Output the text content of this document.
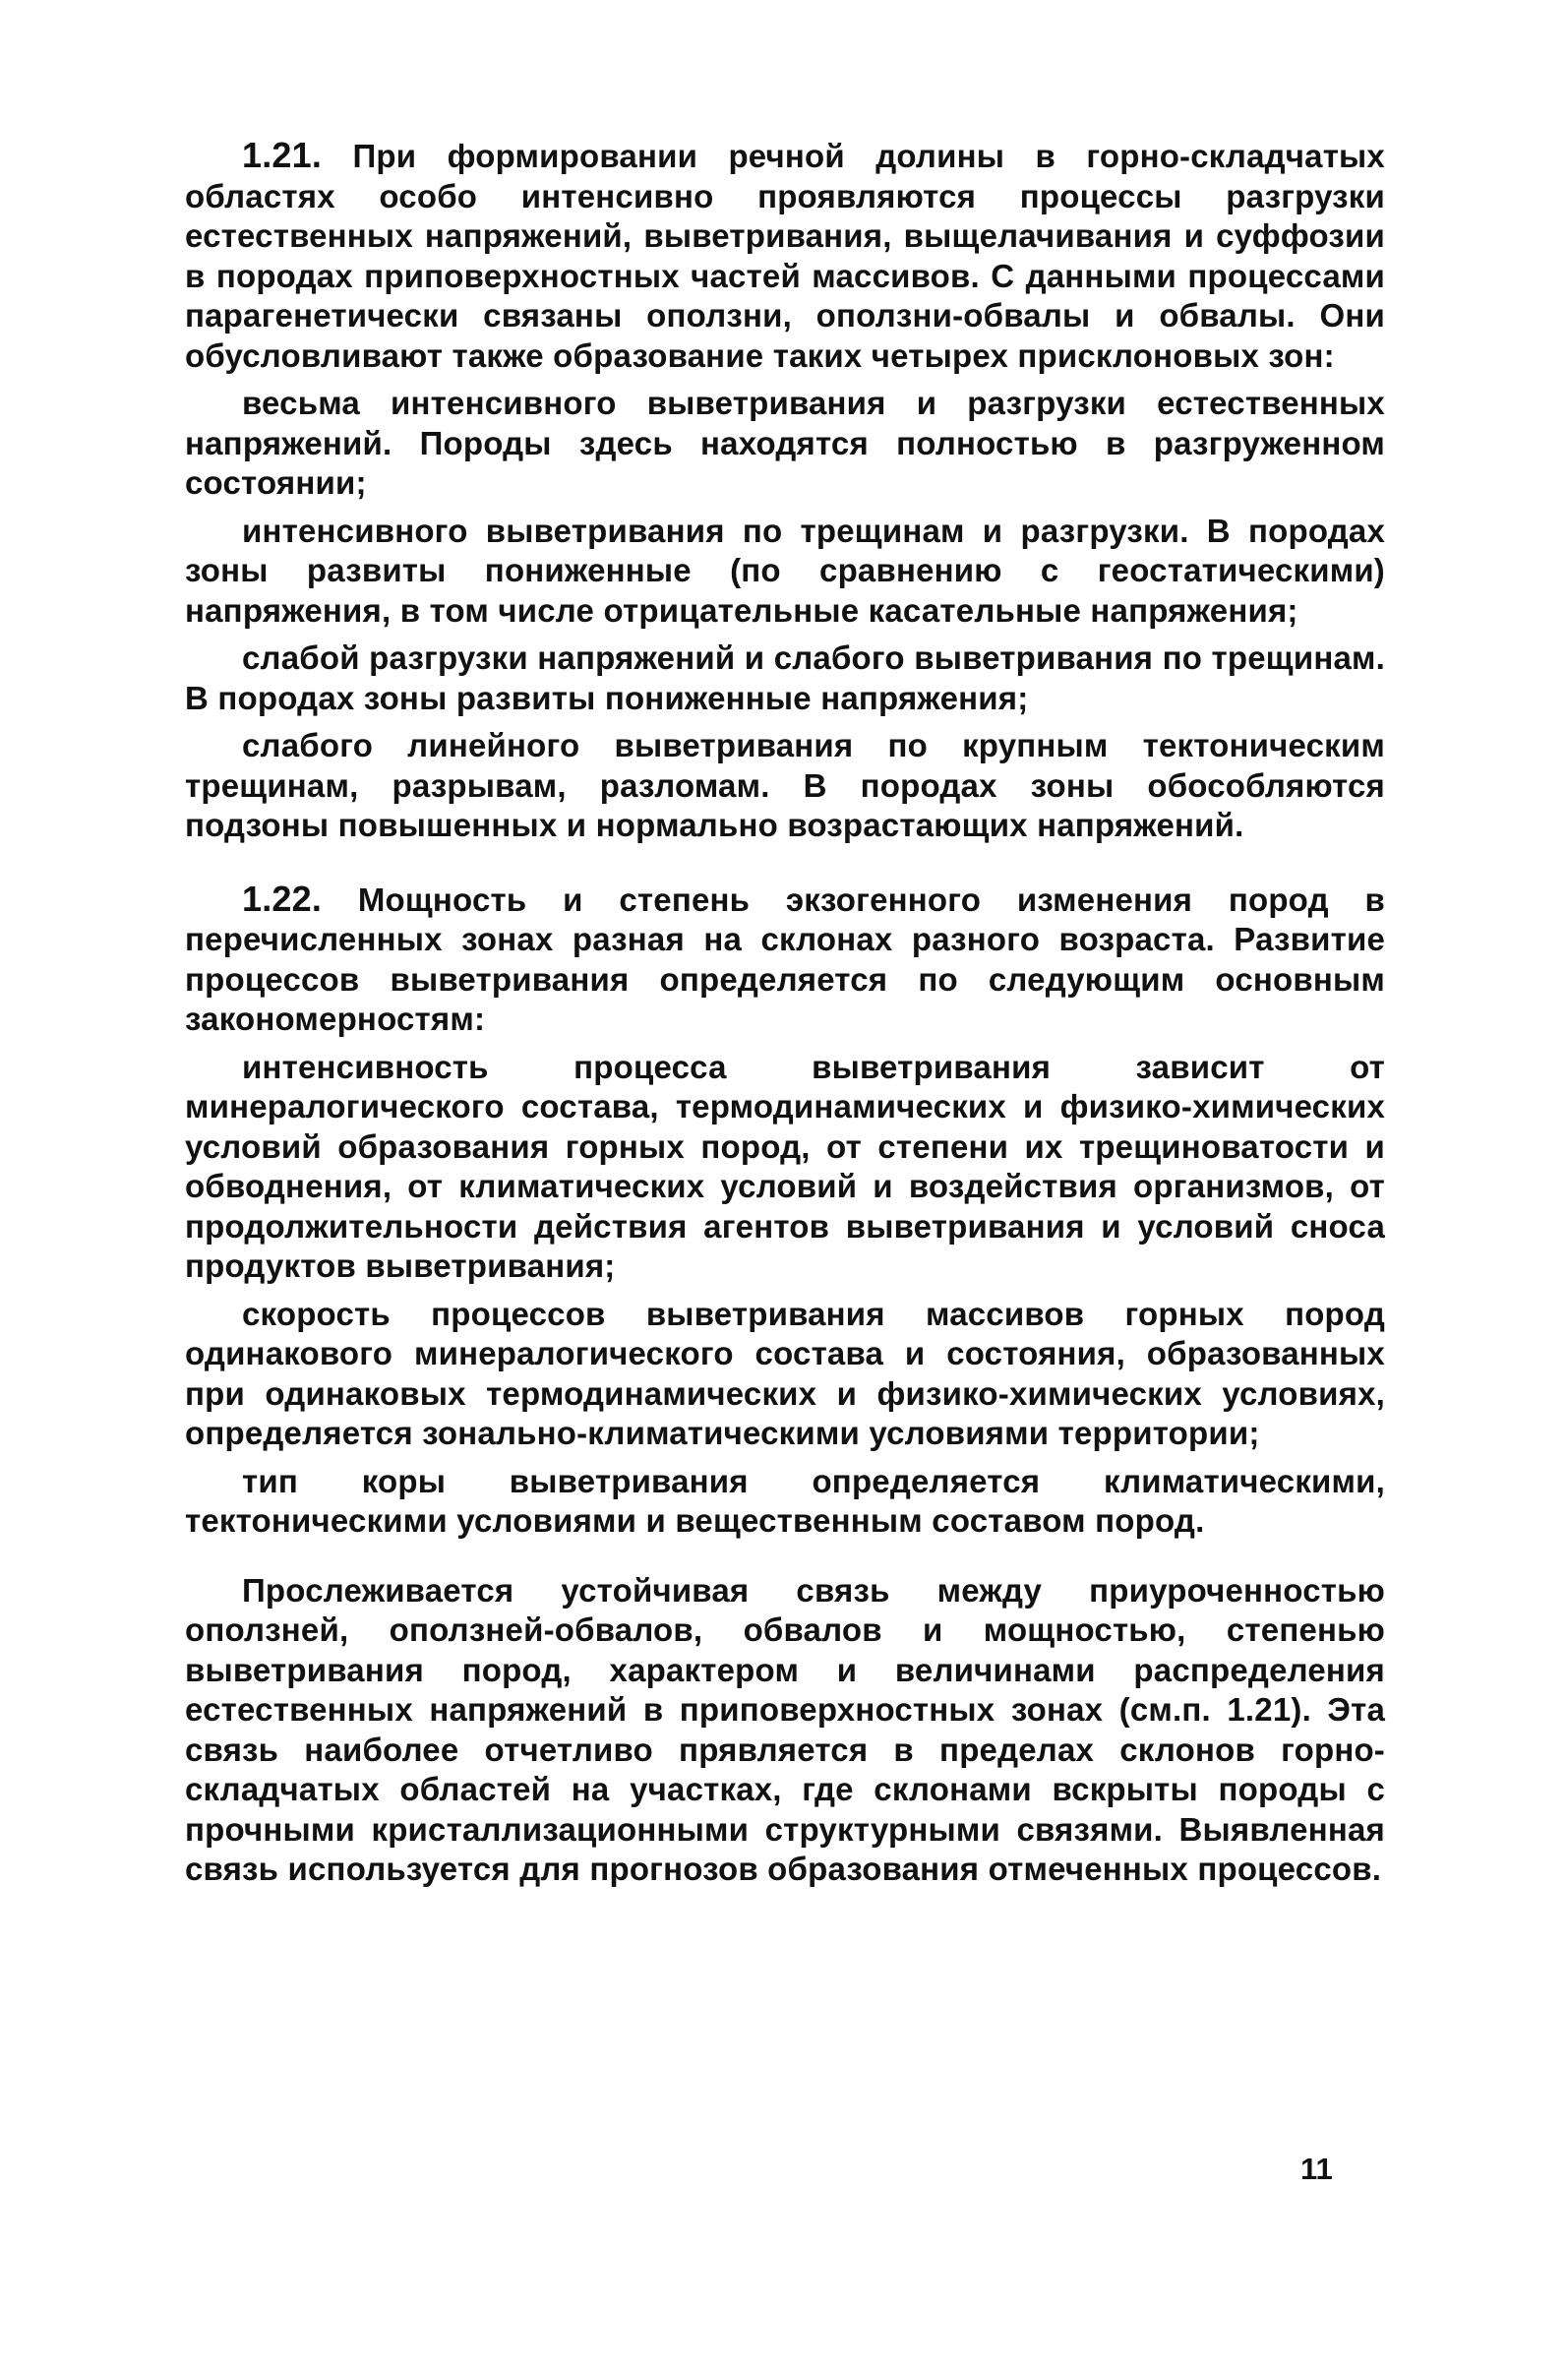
1.21. При формировании речной долины в горно-складчатых областях особо интенсивно проявляются процессы разгрузки естественных напряжений, выветривания, выщелачивания и суффозии в породах приповерхностных частей массивов. С данными процессами парагенетически связаны оползни, оползни-обвалы и обвалы. Они обусловливают также образование таких четырех присклоновых зон:

весьма интенсивного выветривания и разгрузки естественных напряжений. Породы здесь находятся полностью в разгруженном состоянии;

интенсивного выветривания по трещинам и разгрузки. В породах зоны развиты пониженные (по сравнению с геостатическими) напряжения, в том числе отрицательные касательные напряжения;

слабой разгрузки напряжений и слабого выветривания по трещинам. В породах зоны развиты пониженные напряжения;

слабого линейного выветривания по крупным тектоническим трещинам, разрывам, разломам. В породах зоны обособляются подзоны повышенных и нормально возрастающих напряжений.

1.22. Мощность и степень экзогенного изменения пород в перечисленных зонах разная на склонах разного возраста. Развитие процессов выветривания определяется по следующим основным закономерностям:

интенсивность процесса выветривания зависит от минералогического состава, термодинамических и физико-химических условий образования горных пород, от степени их трещиноватости и обводнения, от климатических условий и воздействия организмов, от продолжительности действия агентов выветривания и условий сноса продуктов выветривания;

скорость процессов выветривания массивов горных пород одинакового минералогического состава и состояния, образованных при одинаковых термодинамических и физико-химических условиях, определяется зонально-климатическими условиями территории;

тип коры выветривания определяется климатическими, тектоническими условиями и вещественным составом пород.

Прослеживается устойчивая связь между приуроченностью оползней, оползней-обвалов, обвалов и мощностью, степенью выветривания пород, характером и величинами распределения естественных напряжений в приповерхностных зонах (см.п. 1.21). Эта связь наиболее отчетливо прявляется в пределах склонов горно-складчатых областей на участках, где склонами вскрыты породы с прочными кристаллизационными структурными связями. Выявленная связь используется для прогнозов образования отмеченных процессов.

11
